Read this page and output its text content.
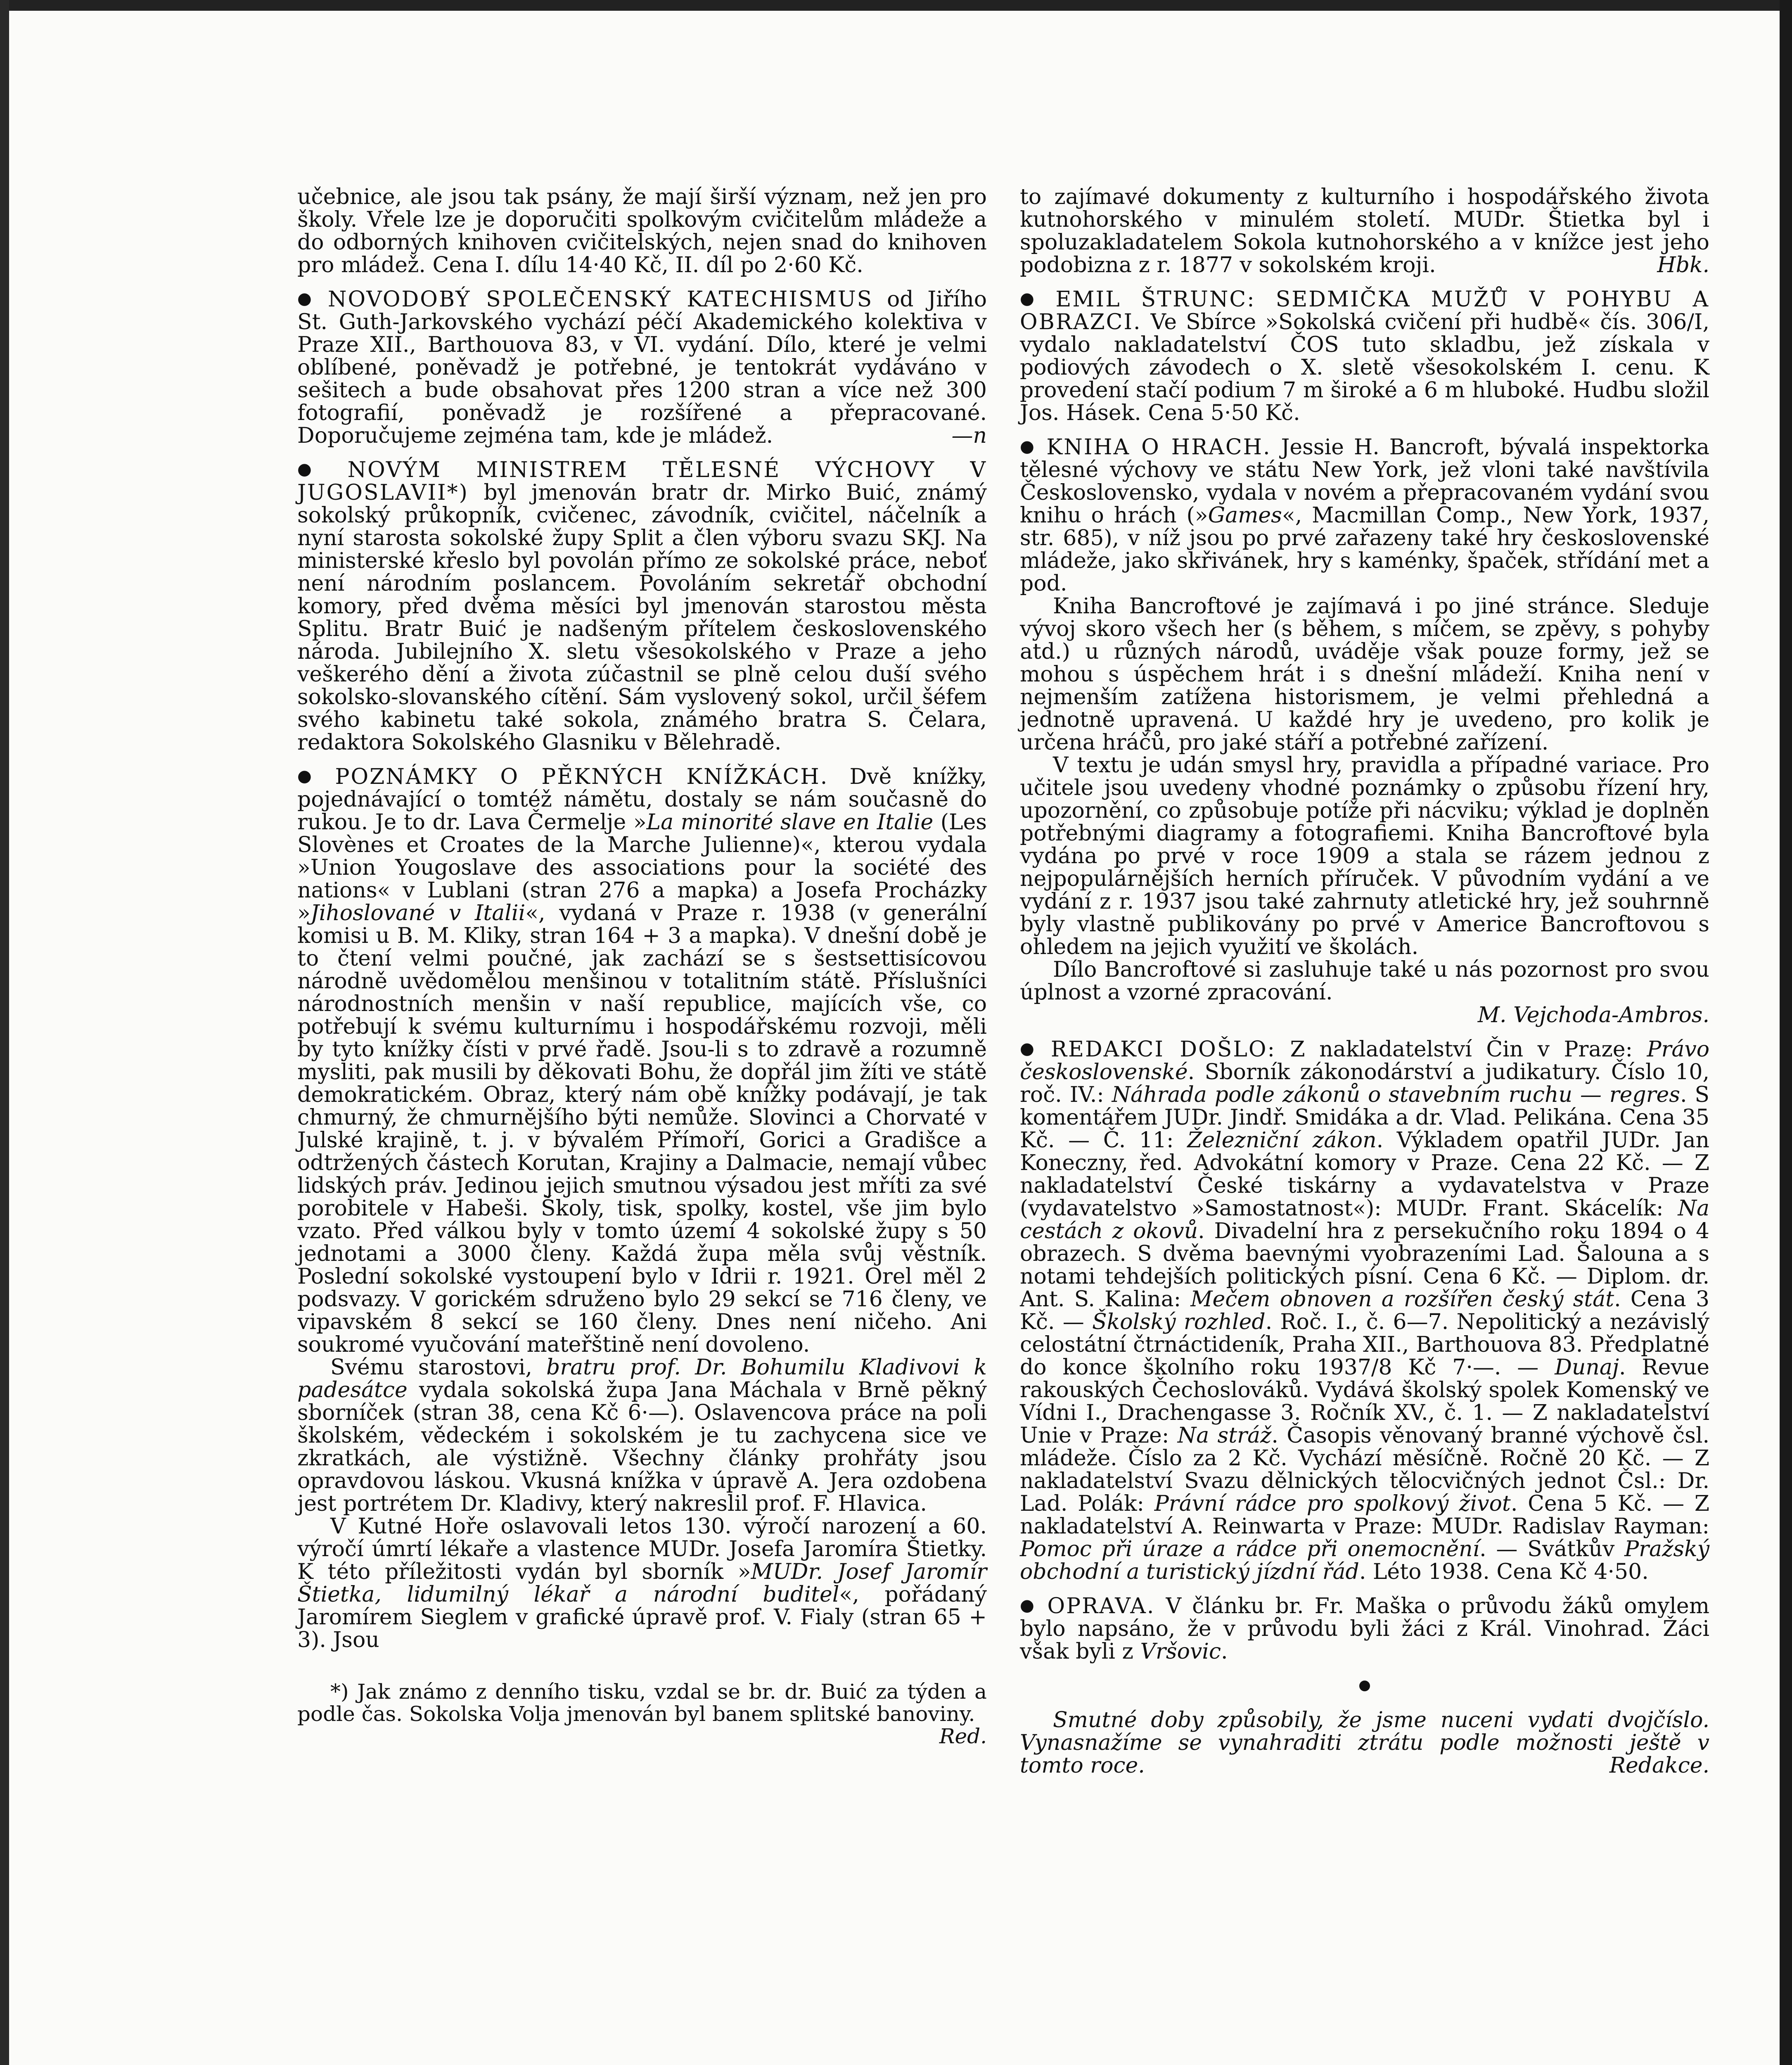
učebnice, ale jsou tak psány, že mají širší význam, než jen pro školy. Vřele lze je doporučiti spolkovým cvičitelům mládeže a do odborných knihoven cvičitelských, nejen snad do knihoven pro mládež. Cena I. dílu 14·40 Kč, II. díl po 2·60 Kč.

● NOVODOBÝ SPOLEČENSKÝ KATECHISMUS od Jiřího St. Guth-Jarkovského vychází péčí Akademického kolektiva v Praze XII., Barthouova 83, v VI. vydání. Dílo, které je velmi oblíbené, poněvadž je potřebné, je tentokrát vydáváno v sešitech a bude obsahovat přes 1200 stran a více než 300 fotografií, poněvadž je rozšířené a přepracované. Doporučujeme zejména tam, kde je mládež.	—n

● NOVÝM MINISTREM TĚLESNÉ VÝCHOVY V JUGOSLAVII*) byl jmenován bratr dr. Mirko Buić, známý sokolský průkopník, cvičenec, závodník, cvičitel, náčelník a nyní starosta sokolské župy Split a člen výboru svazu SKJ. Na ministerské křeslo byl povolán přímo ze sokolské práce, neboť není národním poslancem. Povoláním sekretář obchodní komory, před dvěma měsíci byl jmenován starostou města Splitu. Bratr Buić je nadšeným přítelem československého národa. Jubilejního X. sletu všesokolského v Praze a jeho veškerého dění a života zúčastnil se plně celou duší svého sokolsko-slovanského cítění. Sám vyslovený sokol, určil šéfem svého kabinetu také sokola, známého bratra S. Čelara, redaktora Sokolského Glasniku v Bělehradě.

● POZNÁMKY O PĚKNÝCH KNÍŽKÁCH. Dvě knížky, pojednávající o tomtéž námětu, dostaly se nám současně do rukou. Je to dr. Lava Čermelje »La minorité slave en Italie (Les Slovènes et Croates de la Marche Julienne)«, kterou vydala »Union Yougoslave des associations pour la société des nations« v Lublani (stran 276 a mapka) a Josefa Procházky »Jihoslované v Italii«, vydaná v Praze r. 1938 (v generální komisi u B. M. Kliky, stran 164 + 3 a mapka). V dnešní době je to čtení velmi poučné, jak zachází se s šestsettisícovou národně uvědomělou menšinou v totalitním státě. Příslušníci národnostních menšin v naší republice, majících vše, co potřebují k svému kulturnímu i hospodářskému rozvoji, měli by tyto knížky čísti v prvé řadě. Jsou-li s to zdravě a rozumně mysliti, pak musili by děkovati Bohu, že dopřál jim žíti ve státě demokratickém. Obraz, který nám obě knížky podávají, je tak chmurný, že chmurnějšího býti nemůže. Slovinci a Chorvaté v Julské krajině, t. j. v bývalém Přímoří, Gorici a Gradišce a odtržených částech Korutan, Krajiny a Dalmacie, nemají vůbec lidských práv. Jedinou jejich smutnou výsadou jest mříti za své porobitele v Habeši. Školy, tisk, spolky, kostel, vše jim bylo vzato. Před válkou byly v tomto území 4 sokolské župy s 50 jednotami a 3000 členy. Každá župa měla svůj věstník. Poslední sokolské vystoupení bylo v Idrii r. 1921. Orel měl 2 podsvazy. V gorickém sdruženo bylo 29 sekcí se 716 členy, ve vipavském 8 sekcí se 160 členy. Dnes není ničeho. Ani soukromé vyučování mateřštině není dovoleno.

Svému starostovi, bratru prof. Dr. Bohumilu Kladivovi k padesátce vydala sokolská župa Jana Máchala v Brně pěkný sborníček (stran 38, cena Kč 6·—). Oslavencova práce na poli školském, vědeckém i sokolském je tu zachycena sice ve zkratkách, ale výstižně. Všechny články prohřáty jsou opravdovou láskou. Vkusná knížka v úpravě A. Jera ozdobena jest portrétem Dr. Kladivy, který nakreslil prof. F. Hlavica.

V Kutné Hoře oslavovali letos 130. výročí narození a 60. výročí úmrtí lékaře a vlastence MUDr. Josefa Jaromíra Štietky. K této příležitosti vydán byl sborník »MUDr. Josef Jaromír Štietka, lidumilný lékař a národní buditel«, pořádaný Jaromírem Sieglem v grafické úpravě prof. V. Fialy (stran 65 + 3). Jsou

*) Jak známo z denního tisku, vzdal se br. dr. Buić za týden a podle čas. Sokolska Volja jmenován byl banem splitské banoviny.
Red.

to zajímavé dokumenty z kulturního i hospodářského života kutnohorského v minulém století. MUDr. Štietka byl i spoluzakladatelem Sokola kutnohorského a v knížce jest jeho podobizna z r. 1877 v sokolském kroji.	Hbk.

● EMIL ŠTRUNC: SEDMIČKA MUŽŮ V POHYBU A OBRAZCI. Ve Sbírce »Sokolská cvičení při hudbě« čís. 306/I, vydalo nakladatelství ČOS tuto skladbu, jež získala v podiových závodech o X. sletě všesokolském I. cenu. K provedení stačí podium 7 m široké a 6 m hluboké. Hudbu složil Jos. Hásek. Cena 5·50 Kč.

● KNIHA O HRACH. Jessie H. Bancroft, bývalá inspektorka tělesné výchovy ve státu New York, jež vloni také navštívila Československo, vydala v novém a přepracovaném vydání svou knihu o hrách (»Games«, Macmillan Comp., New York, 1937, str. 685), v níž jsou po prvé zařazeny také hry československé mládeže, jako skřivánek, hry s kaménky, špaček, střídání met a pod.

Kniha Bancroftové je zajímavá i po jiné stránce. Sleduje vývoj skoro všech her (s během, s míčem, se zpěvy, s pohyby atd.) u různých národů, uváděje však pouze formy, jež se mohou s úspěchem hrát i s dnešní mládeží. Kniha není v nejmenším zatížena historismem, je velmi přehledná a jednotně upravená. U každé hry je uvedeno, pro kolik je určena hráčů, pro jaké stáří a potřebné zařízení.

V textu je udán smysl hry, pravidla a případné variace. Pro učitele jsou uvedeny vhodné poznámky o způsobu řízení hry, upozornění, co způsobuje potíže při nácviku; výklad je doplněn potřebnými diagramy a fotografiemi. Kniha Bancroftové byla vydána po prvé v roce 1909 a stala se rázem jednou z nejpopulárnějších herních příruček. V původním vydání a ve vydání z r. 1937 jsou také zahrnuty atletické hry, jež souhrnně byly vlastně publikovány po prvé v Americe Bancroftovou s ohledem na jejich využití ve školách.

Dílo Bancroftové si zasluhuje také u nás pozornost pro svou úplnost a vzorné zpracování.

M. Vejchoda-Ambros.

● REDAKCI DOŠLO: Z nakladatelství Čin v Praze: Právo československé. Sborník zákonodárství a judikatury. Číslo 10, roč. IV.: Náhrada podle zákonů o stavebním ruchu — regres. S komentářem JUDr. Jindř. Smidáka a dr. Vlad. Pelikána. Cena 35 Kč. — Č. 11: Železniční zákon. Výkladem opatřil JUDr. Jan Koneczny, řed. Advokátní komory v Praze. Cena 22 Kč. — Z nakladatelství České tiskárny a vydavatelstva v Praze (vydavatelstvo »Samostatnost«): MUDr. Frant. Skácelík: Na cestách z okovů. Divadelní hra z persekučního roku 1894 o 4 obrazech. S dvěma baevnými vyobrazeními Lad. Šalouna a s notami tehdejších politických písní. Cena 6 Kč. — Diplom. dr. Ant. S. Kalina: Mečem obnoven a rozšířen český stát. Cena 3 Kč. — Školský rozhled. Roč. I., č. 6—7. Nepolitický a nezávislý celostátní čtrnáctideník, Praha XII., Barthouova 83. Předplatné do konce školního roku 1937/8 Kč 7·—. — Dunaj. Revue rakouských Čechoslováků. Vydává školský spolek Komenský ve Vídni I., Drachengasse 3. Ročník XV., č. 1. — Z nakladatelství Unie v Praze: Na stráž. Časopis věnovaný branné výchově čsl. mládeže. Číslo za 2 Kč. Vychází měsíčně. Ročně 20 Kč. — Z nakladatelství Svazu dělnických tělocvičných jednot Čsl.: Dr. Lad. Polák: Právní rádce pro spolkový život. Cena 5 Kč. — Z nakladatelství A. Reinwarta v Praze: MUDr. Radislav Rayman: Pomoc při úraze a rádce při onemocnění. — Svátkův Pražský obchodní a turistický jízdní řád. Léto 1938. Cena Kč 4·50.

● OPRAVA. V článku br. Fr. Maška o průvodu žáků omylem bylo napsáno, že v průvodu byli žáci z Král. Vinohrad. Žáci však byli z Vršovic.

●

Smutné doby způsobily, že jsme nuceni vydati dvojčíslo. Vynasnažíme se vynahraditi ztrátu podle možnosti ještě v tomto roce.	Redakce.
